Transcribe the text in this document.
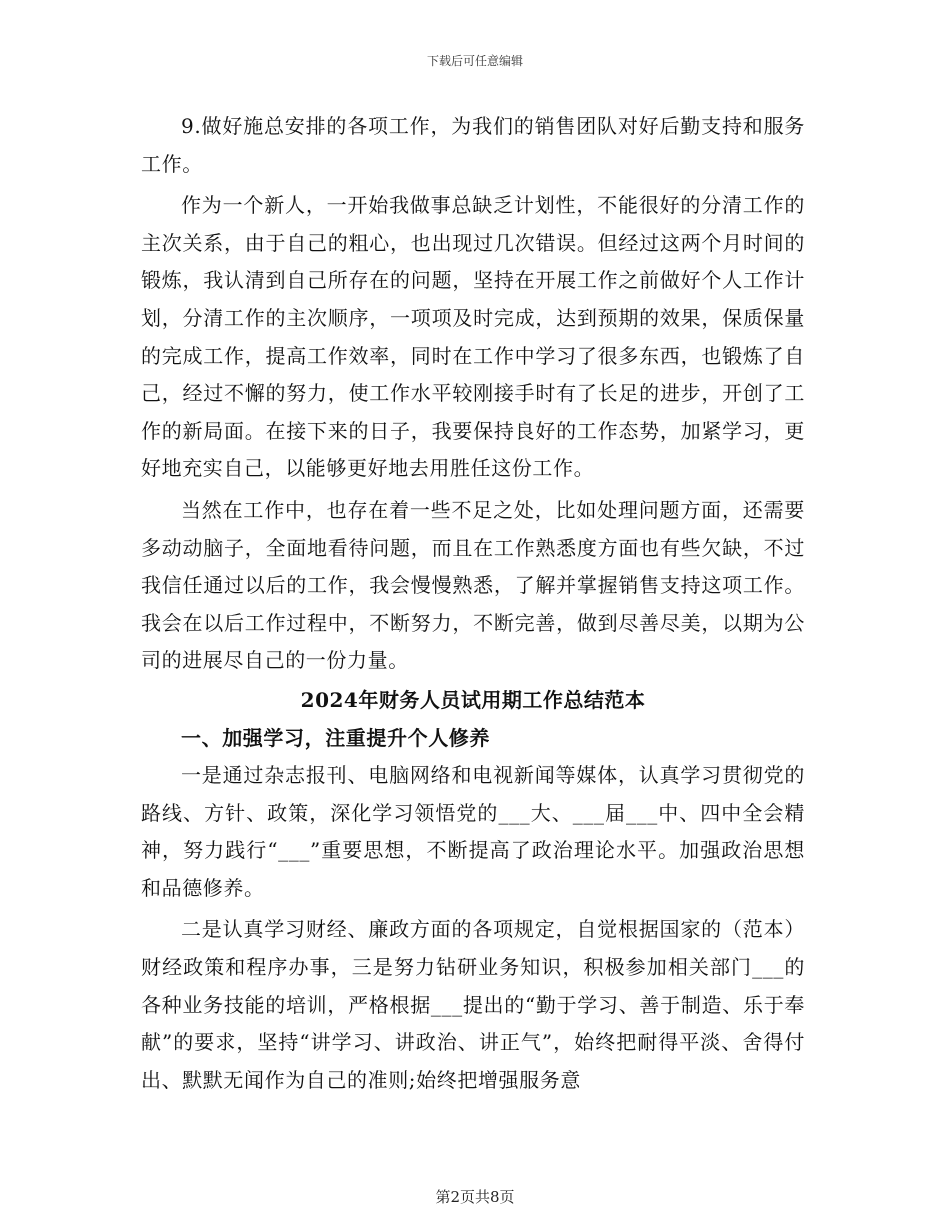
下载后可任意编辑

9.做好施总安排的各项工作，为我们的销售团队对好后勤支持和服务工作。

作为一个新人，一开始我做事总缺乏计划性，不能很好的分清工作的主次关系，由于自己的粗心，也出现过几次错误。但经过这两个月时间的锻炼，我认清到自己所存在的问题，坚持在开展工作之前做好个人工作计划，分清工作的主次顺序，一项项及时完成，达到预期的效果，保质保量的完成工作，提高工作效率，同时在工作中学习了很多东西，也锻炼了自己，经过不懈的努力，使工作水平较刚接手时有了长足的进步，开创了工作的新局面。在接下来的日子，我要保持良好的工作态势，加紧学习，更好地充实自己，以能够更好地去用胜任这份工作。

当然在工作中，也存在着一些不足之处，比如处理问题方面，还需要多动动脑子，全面地看待问题，而且在工作熟悉度方面也有些欠缺，不过我信任通过以后的工作，我会慢慢熟悉，了解并掌握销售支持这项工作。我会在以后工作过程中，不断努力，不断完善，做到尽善尽美，以期为公司的进展尽自己的一份力量。

2024年财务人员试用期工作总结范本
一、加强学习，注重提升个人修养

一是通过杂志报刊、电脑网络和电视新闻等媒体，认真学习贯彻党的路线、方针、政策，深化学习领悟党的___大、___届___中、四中全会精神，努力践行“___”重要思想，不断提高了政治理论水平。加强政治思想和品德修养。

二是认真学习财经、廉政方面的各项规定，自觉根据国家的（范本）财经政策和程序办事，三是努力钻研业务知识，积极参加相关部门___的各种业务技能的培训，严格根据___提出的“勤于学习、善于制造、乐于奉献”的要求，坚持“讲学习、讲政治、讲正气”，始终把耐得平淡、舍得付出、默默无闻作为自己的准则;始终把增强服务意

第2页共8页
